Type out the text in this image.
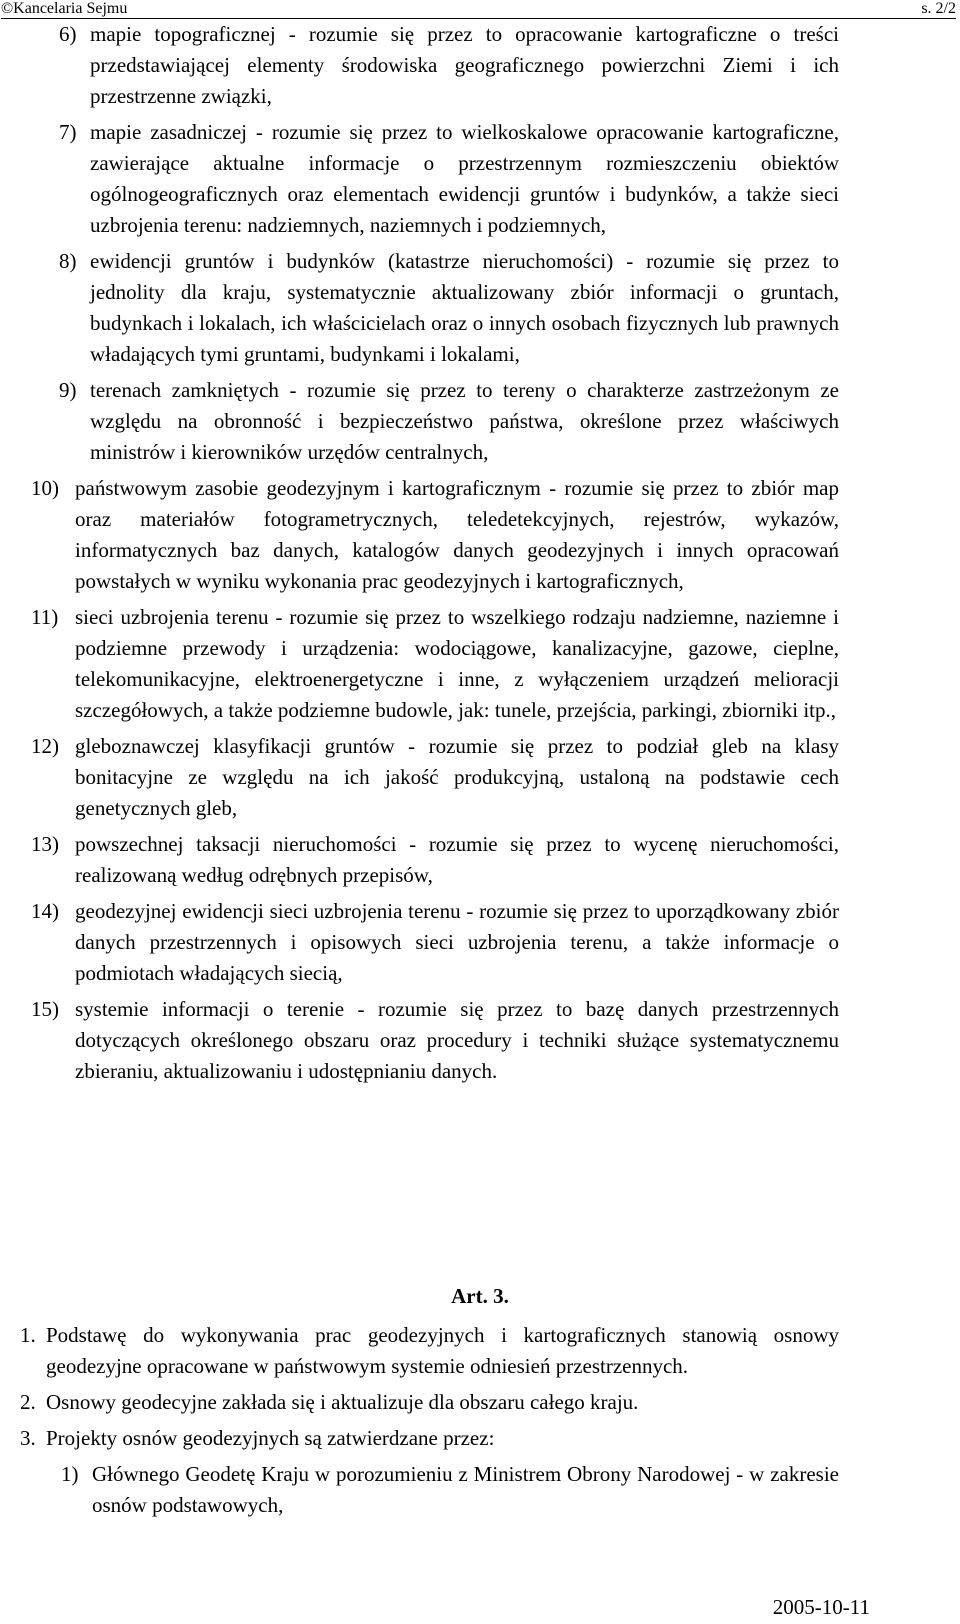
©Kancelaria Sejmu	s. 2/2
6) mapie topograficznej - rozumie się przez to opracowanie kartograficzne o treści przedstawiającej elementy środowiska geograficznego powierzchni Ziemi i ich przestrzenne związki,
7) mapie zasadniczej - rozumie się przez to wielkoskalowe opracowanie kartograficzne, zawierające aktualne informacje o przestrzennym rozmieszczeniu obiektów ogólnogeograficznych oraz elementach ewidencji gruntów i budynków, a także sieci uzbrojenia terenu: nadziemnych, naziemnych i podziemnych,
8) ewidencji gruntów i budynków (katastrze nieruchomości) - rozumie się przez to jednolity dla kraju, systematycznie aktualizowany zbiór informacji o gruntach, budynkach i lokalach, ich właścicielach oraz o innych osobach fizycznych lub prawnych władających tymi gruntami, budynkami i lokalami,
9) terenach zamkniętych - rozumie się przez to tereny o charakterze zastrzeżonym ze względu na obronność i bezpieczeństwo państwa, określone przez właściwych ministrów i kierowników urzędów centralnych,
10) państwowym zasobie geodezyjnym i kartograficznym - rozumie się przez to zbiór map oraz materiałów fotogrametrycznych, teledetekcyjnych, rejestrów, wykazów, informatycznych baz danych, katalogów danych geodezyjnych i innych opracowań powstałych w wyniku wykonania prac geodezyjnych i kartograficznych,
11) sieci uzbrojenia terenu - rozumie się przez to wszelkiego rodzaju nadziemne, naziemne i podziemne przewody i urządzenia: wodociągowe, kanalizacyjne, gazowe, cieplne, telekomunikacyjne, elektroenergetyczne i inne, z wyłączeniem urządzeń melioracji szczegółowych, a także podziemne budowle, jak: tunele, przejścia, parkingi, zbiorniki itp.,
12) gleboznawczej klasyfikacji gruntów - rozumie się przez to podział gleb na klasy bonitacyjne ze względu na ich jakość produkcyjną, ustaloną na podstawie cech genetycznych gleb,
13) powszechnej taksacji nieruchomości - rozumie się przez to wycenę nieruchomości, realizowaną według odrębnych przepisów,
14) geodezyjnej ewidencji sieci uzbrojenia terenu - rozumie się przez to uporządkowany zbiór danych przestrzennych i opisowych sieci uzbrojenia terenu, a także informacje o podmiotach władających siecią,
15) systemie informacji o terenie - rozumie się przez to bazę danych przestrzennych dotyczących określonego obszaru oraz procedury i techniki służące systematycznemu zbieraniu, aktualizowaniu i udostępnianiu danych.
Art. 3.
1. Podstawę do wykonywania prac geodezyjnych i kartograficznych stanowią osnowy geodezyjne opracowane w państwowym systemie odniesień przestrzennych.
2. Osnowy geodecyjne zakłada się i aktualizuje dla obszaru całego kraju.
3. Projekty osnów geodezyjnych są zatwierdzane przez:
1) Głównego Geodetę Kraju w porozumieniu z Ministrem Obrony Narodowej - w zakresie osnów podstawowych,
2005-10-11
